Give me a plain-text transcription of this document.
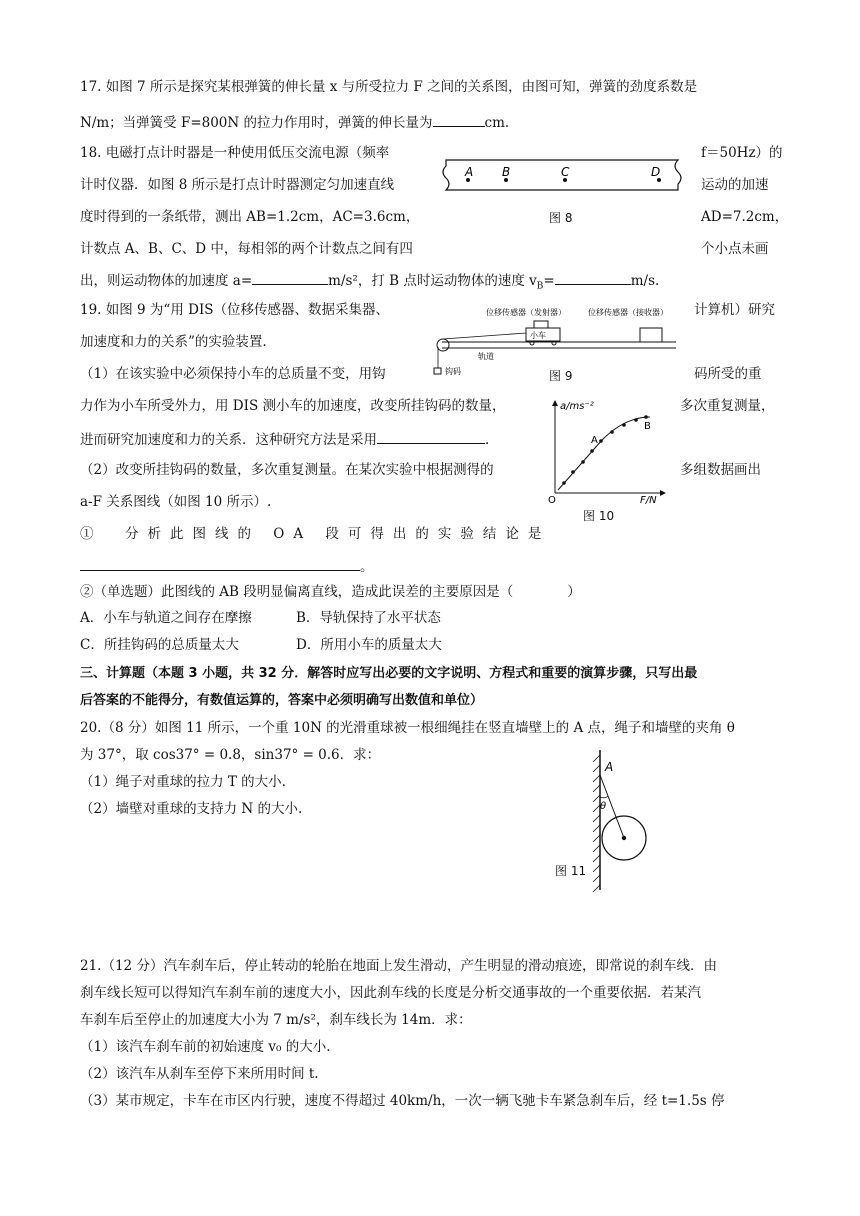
17. 如图 7 所示是探究某根弹簧的伸长量 x 与所受拉力 F 之间的关系图，由图可知，弹簧的劲度系数是
N/m；当弹簧受 F=800N 的拉力作用时，弹簧的伸长量为	cm.
18. 电磁打点计时器是一种使用低压交流电源（频率	f＝50Hz）的
计时仪器．如图 8 所示是打点计时器测定匀加速直线	运动的加速
度时得到的一条纸带，测出 AB=1.2cm，AC=3.6cm，	AD=7.2cm，
计数点 A、B、C、D 中，每相邻的两个计数点之间有四	个小点未画
出，则运动物体的加速度 a=	m/s²，打 B 点时运动物体的速度 $v_B=$	m/s.
A B	C	D
图 8
19. 如图 9 为“用 DIS（位移传感器、数据采集器、	计算机）研究
加速度和力的关系”的实验装置.
（1）在该实验中必须保持小车的总质量不变，用钩	码所受的重
力作为小车所受外力，用 DIS 测小车的加速度，改变所挂钩码的数量，	多次重复测量，
进而研究加速度和力的关系．这种研究方法是采用	.
（2）改变所挂钩码的数量，多次重复测量。在某次实验中根据测得的	多组数据画出
a-F 关系图线（如图 10 所示）.
①　分析此图线的 OA 段可得出的实验结论是
。
②（单选题）此图线的 AB 段明显偏离直线，造成此误差的主要原因是（　　　　）
A．小车与轨道之间存在摩擦	B．导轨保持了水平状态
C．所挂钩码的总质量太大	D．所用小车的质量太大
位移传感器（发射器）	位移传感器（接收器）
小车
轨道
钩码	图 9
a/ms⁻²
F/N
O
A
B
图 10
三、计算题（本题 3 小题，共 32 分．解答时应写出必要的文字说明、方程式和重要的演算步骤，只写出最
后答案的不能得分，有数值运算的，答案中必须明确写出数值和单位）
20.（8 分）如图 11 所示，一个重 10N 的光滑重球被一根细绳挂在竖直墙壁上的 A 点，绳子和墙壁的夹角 θ
为 37°，取 cos37° = 0.8，sin37° = 0.6．求：
（1）绳子对重球的拉力 T 的大小.
（2）墙壁对重球的支持力 N 的大小.
A
θ
图 11
21.（12 分）汽车刹车后，停止转动的轮胎在地面上发生滑动，产生明显的滑动痕迹，即常说的刹车线．由
刹车线长短可以得知汽车刹车前的速度大小，因此刹车线的长度是分析交通事故的一个重要依据．若某汽
车刹车后至停止的加速度大小为 7 m/s²，刹车线长为 14m．求：
（1）该汽车刹车前的初始速度 v₀ 的大小.
（2）该汽车从刹车至停下来所用时间 t.
（3）某市规定，卡车在市区内行驶，速度不得超过 40km/h，一次一辆飞驰卡车紧急刹车后，经 t=1.5s 停
